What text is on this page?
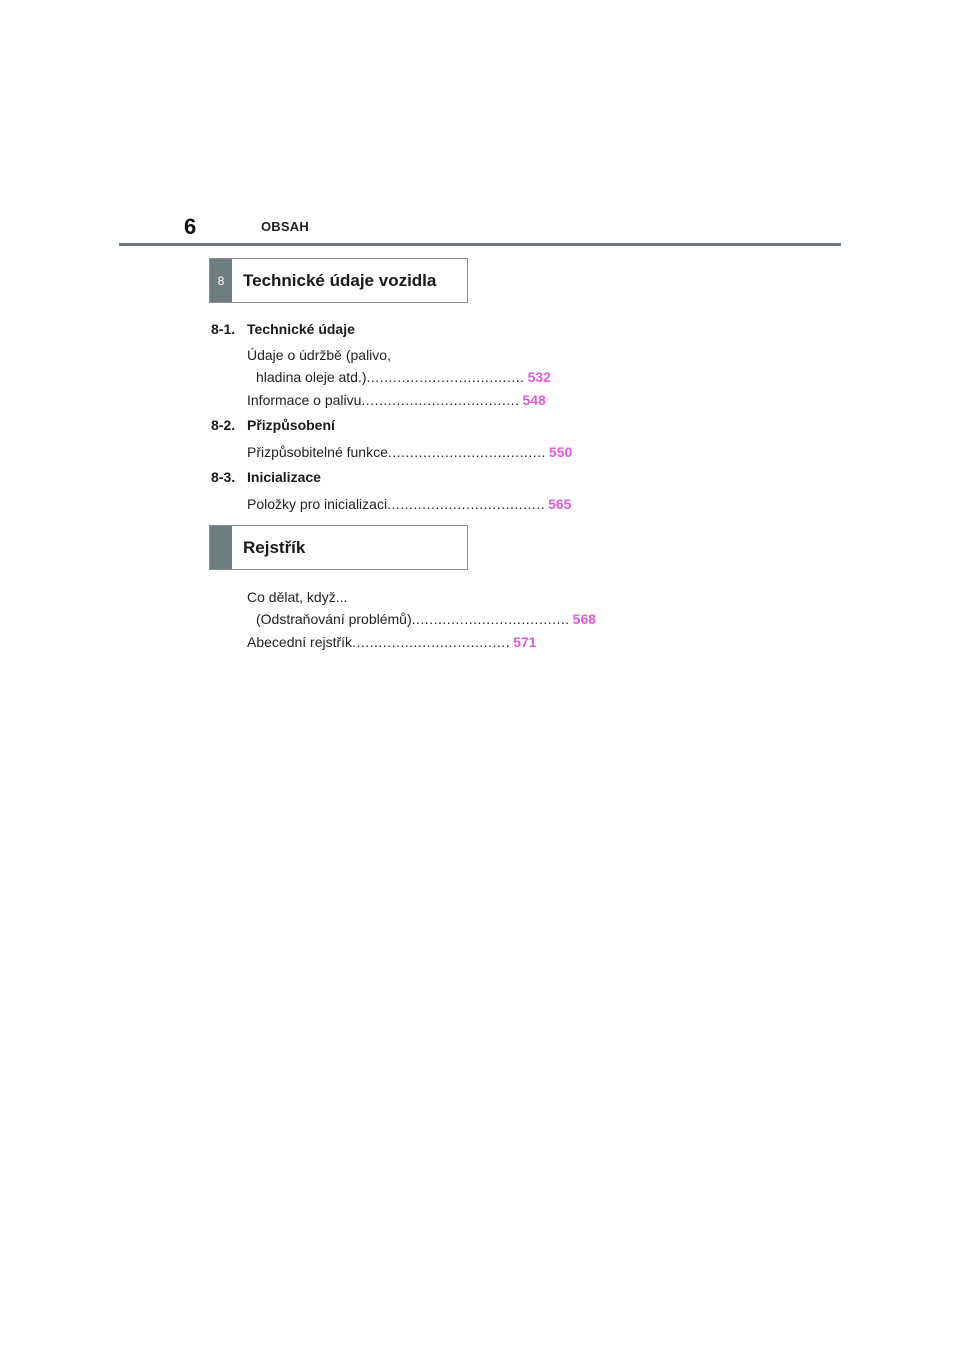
6	OBSAH
8	Technické údaje vozidla
8-1. Technické údaje
Údaje o údržbě (palivo,
hladina oleje atd.) .................................... 532
Informace o palivu .................................... 548
8-2. Přizpůsobení
Přizpůsobitelné funkce .................................... 550
8-3. Inicializace
Položky pro inicializaci .................................... 565
Rejstřík
Co dělat, když...
(Odstraňování problémů) .................................... 568
Abecední rejstřík .................................... 571
